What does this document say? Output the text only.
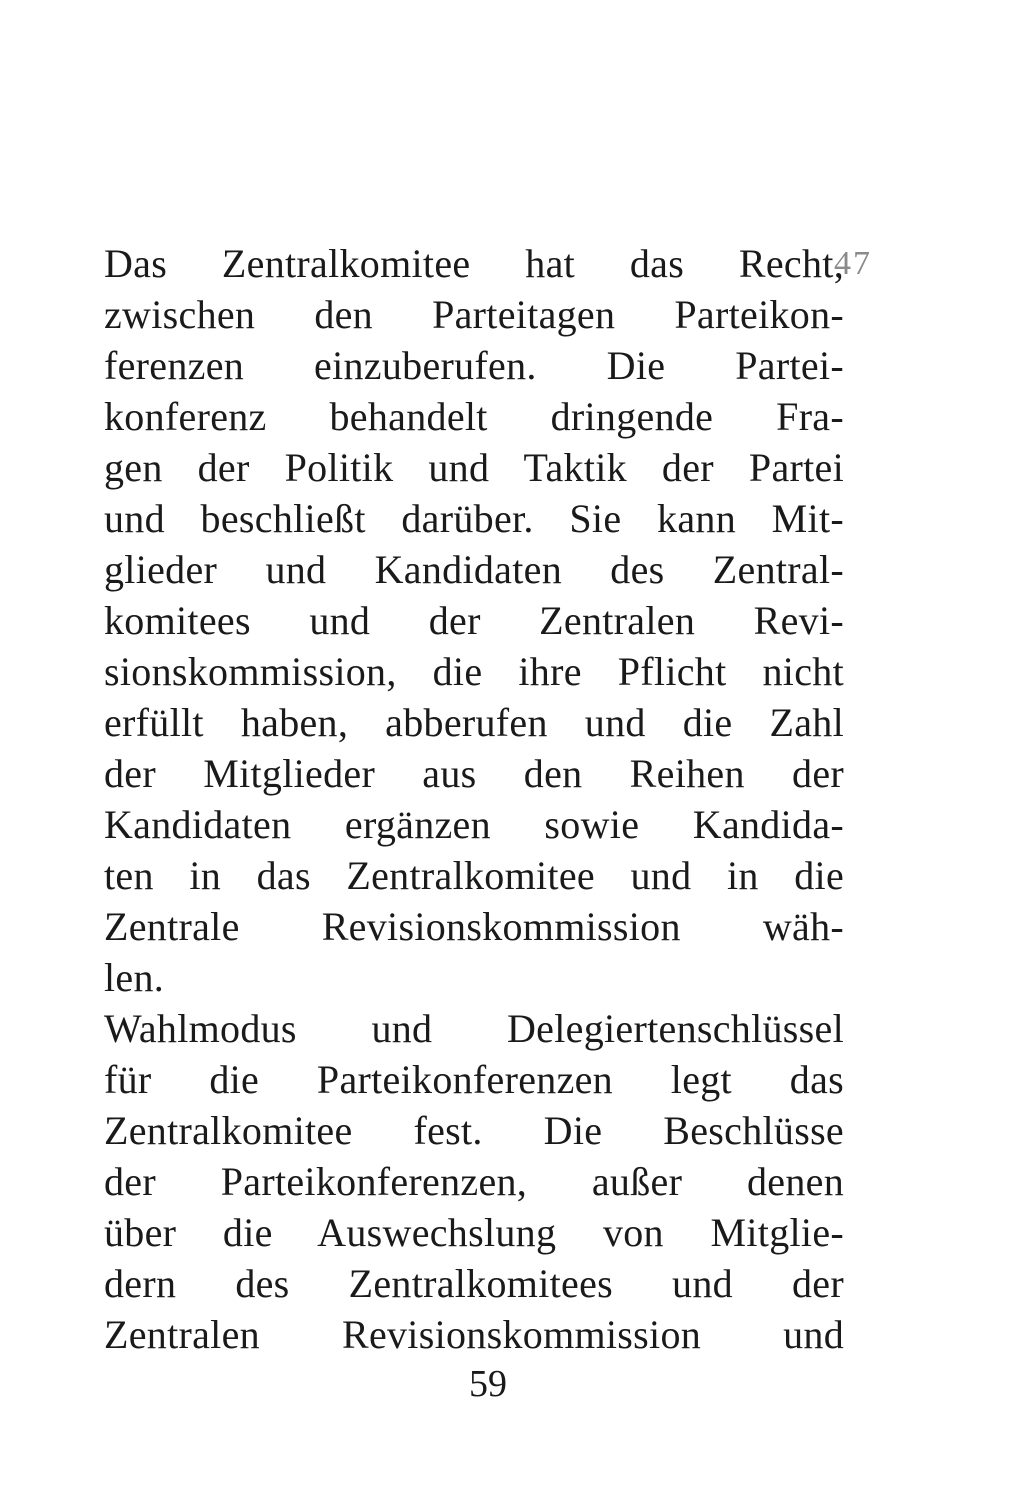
Das Zentralkomitee hat das Recht,
zwischen den Parteitagen Parteikon-
ferenzen einzuberufen. Die Partei-
konferenz behandelt dringende Fra-
gen der Politik und Taktik der Partei
und beschließt darüber. Sie kann Mit-
glieder und Kandidaten des Zentral-
komitees und der Zentralen Revi-
sionskommission, die ihre Pflicht nicht
erfüllt haben, abberufen und die Zahl
der Mitglieder aus den Reihen der
Kandidaten ergänzen sowie Kandida-
ten in das Zentralkomitee und in die
Zentrale Revisionskommission wäh-
len.
Wahlmodus und Delegiertenschlüssel
für die Parteikonferenzen legt das
Zentralkomitee fest. Die Beschlüsse
der Parteikonferenzen, außer denen
über die Auswechslung von Mitglie-
dern des Zentralkomitees und der
Zentralen Revisionskommission und
47
59
